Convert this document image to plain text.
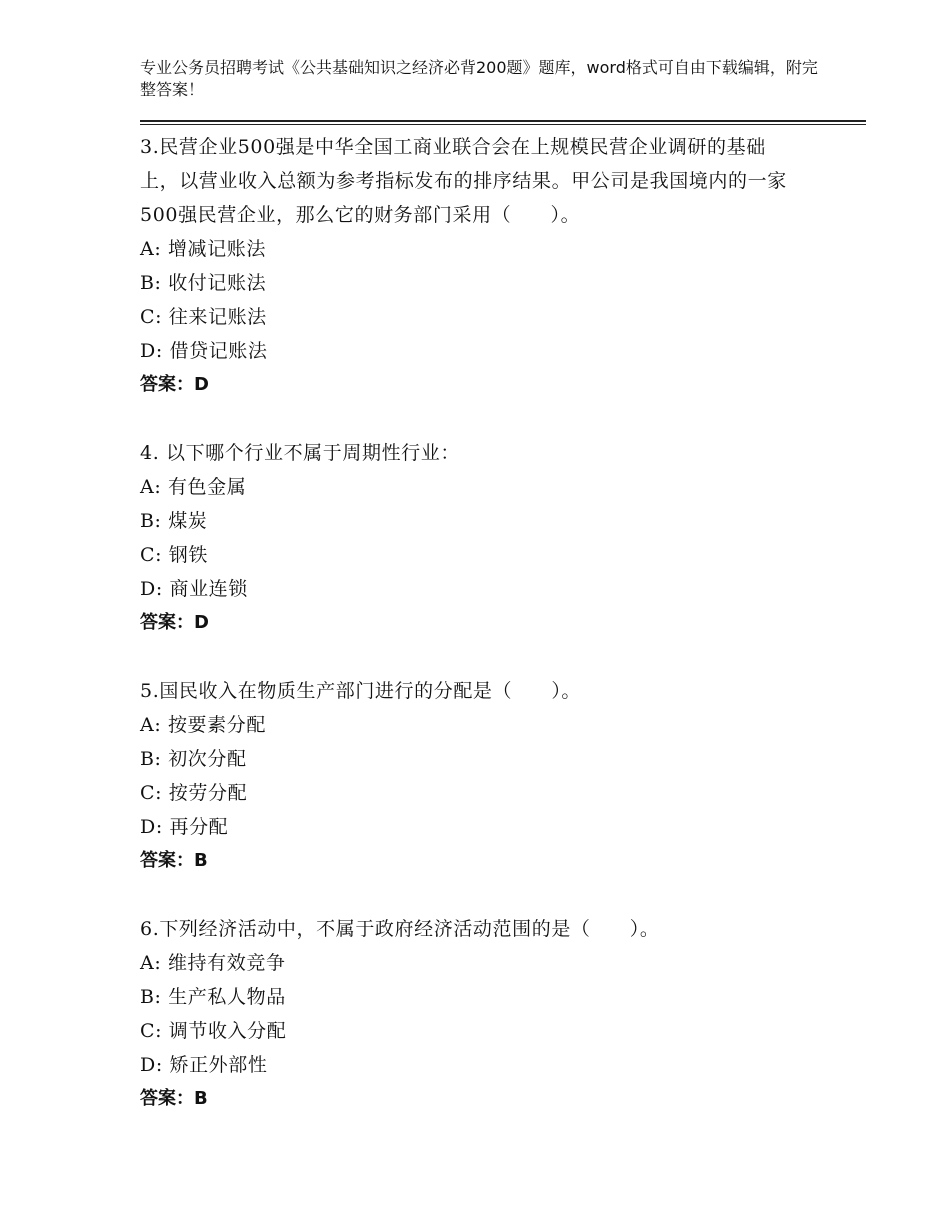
专业公务员招聘考试《公共基础知识之经济必背200题》题库，word格式可自由下载编辑，附完整答案！
3.民营企业500强是中华全国工商业联合会在上规模民营企业调研的基础上，以营业收入总额为参考指标发布的排序结果。甲公司是我国境内的一家500强民营企业，那么它的财务部门采用（　　）。
A: 增减记账法
B: 收付记账法
C: 往来记账法
D: 借贷记账法
答案：D
4. 以下哪个行业不属于周期性行业：
A: 有色金属
B: 煤炭
C: 钢铁
D: 商业连锁
答案：D
5.国民收入在物质生产部门进行的分配是（　　）。
A: 按要素分配
B: 初次分配
C: 按劳分配
D: 再分配
答案：B
6.下列经济活动中，不属于政府经济活动范围的是（　　）。
A: 维持有效竞争
B: 生产私人物品
C: 调节收入分配
D: 矫正外部性
答案：B
